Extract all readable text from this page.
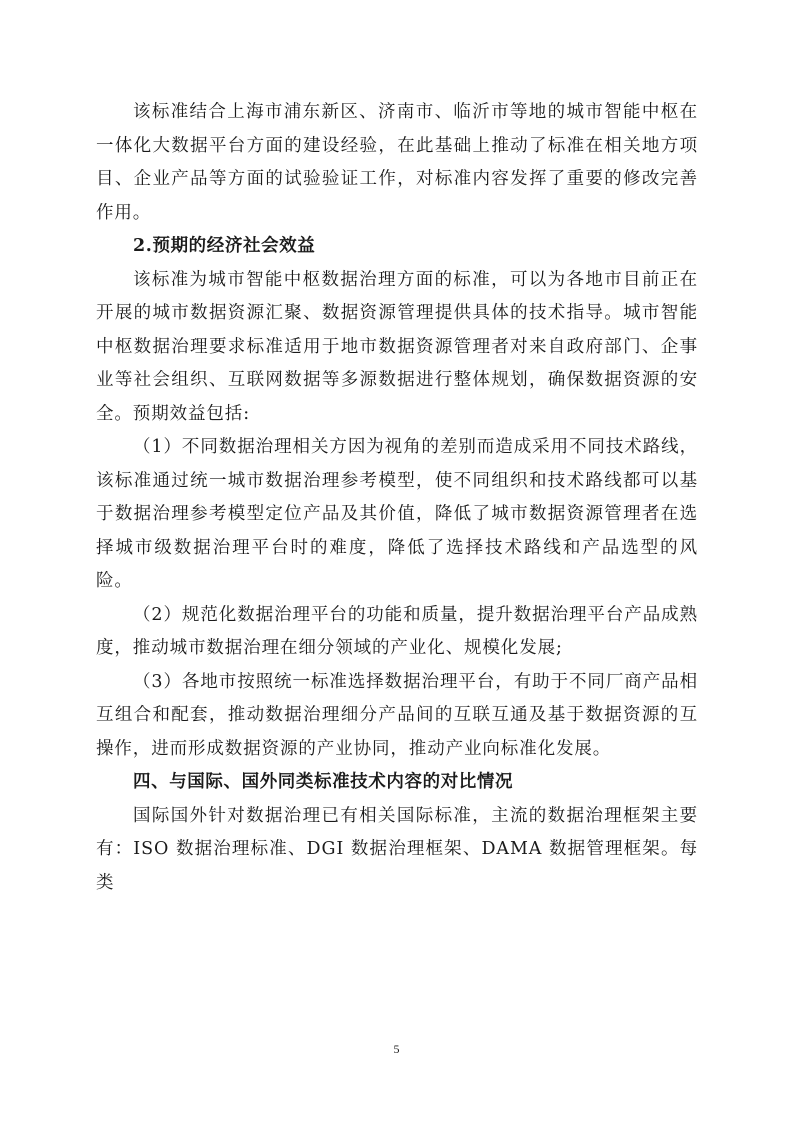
该标准结合上海市浦东新区、济南市、临沂市等地的城市智能中枢在一体化大数据平台方面的建设经验，在此基础上推动了标准在相关地方项目、企业产品等方面的试验验证工作，对标准内容发挥了重要的修改完善作用。

2.预期的经济社会效益

该标准为城市智能中枢数据治理方面的标准，可以为各地市目前正在开展的城市数据资源汇聚、数据资源管理提供具体的技术指导。城市智能中枢数据治理要求标准适用于地市数据资源管理者对来自政府部门、企事业等社会组织、互联网数据等多源数据进行整体规划，确保数据资源的安全。预期效益包括:

（1）不同数据治理相关方因为视角的差别而造成采用不同技术路线，该标准通过统一城市数据治理参考模型，使不同组织和技术路线都可以基于数据治理参考模型定位产品及其价值，降低了城市数据资源管理者在选择城市级数据治理平台时的难度，降低了选择技术路线和产品选型的风险。

（2）规范化数据治理平台的功能和质量，提升数据治理平台产品成熟度，推动城市数据治理在细分领域的产业化、规模化发展;

（3）各地市按照统一标准选择数据治理平台，有助于不同厂商产品相互组合和配套，推动数据治理细分产品间的互联互通及基于数据资源的互操作，进而形成数据资源的产业协同，推动产业向标准化发展。

四、与国际、国外同类标准技术内容的对比情况

国际国外针对数据治理已有相关国际标准，主流的数据治理框架主要有：ISO 数据治理标准、DGI 数据治理框架、DAMA 数据管理框架。每类

5
